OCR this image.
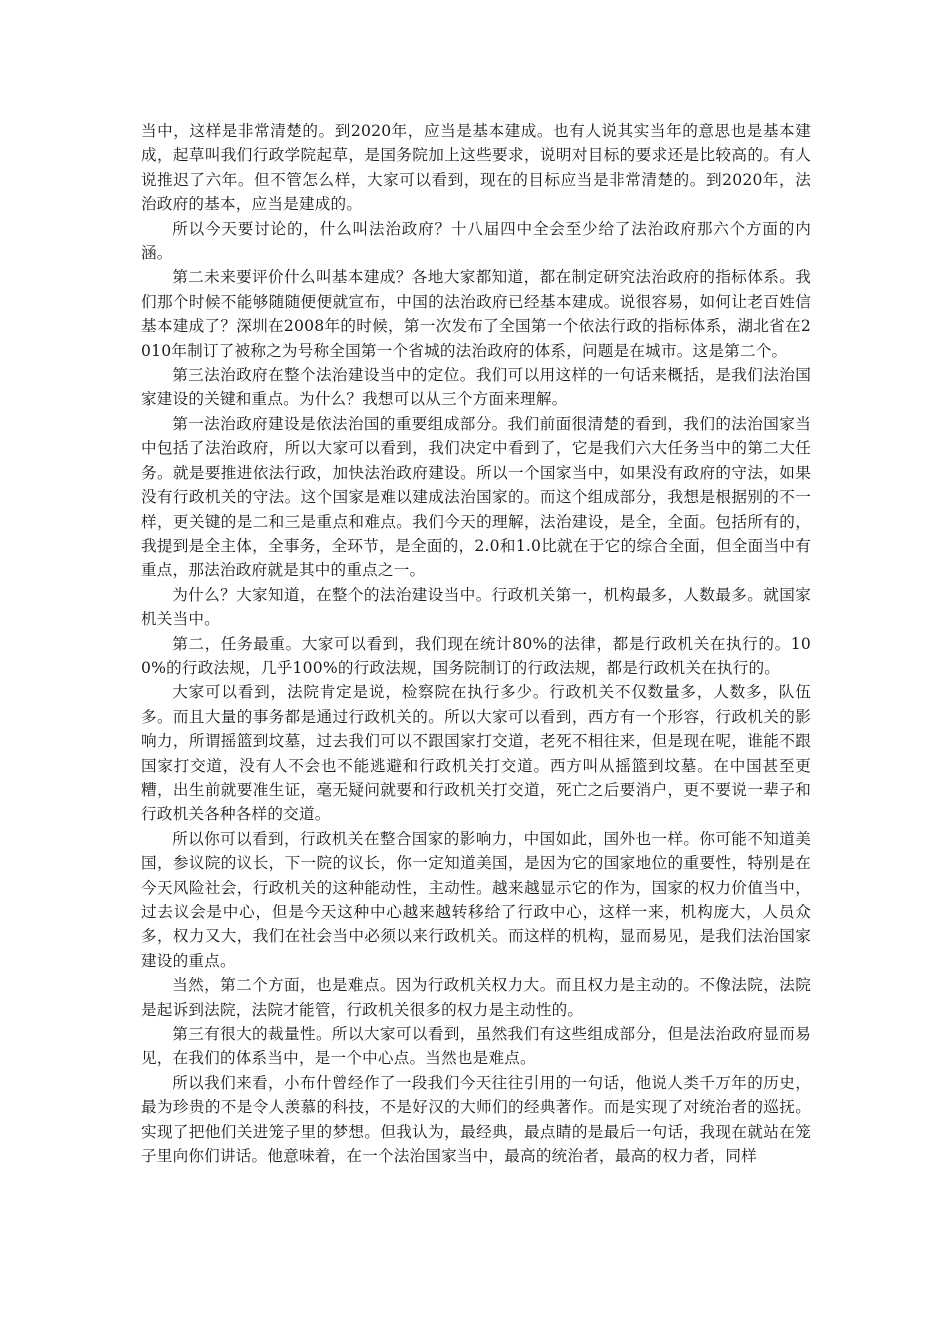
当中，这样是非常清楚的。到2020年，应当是基本建成。也有人说其实当年的意思也是基本建成，起草叫我们行政学院起草，是国务院加上这些要求，说明对目标的要求还是比较高的。有人说推迟了六年。但不管怎么样，大家可以看到，现在的目标应当是非常清楚的。到2020年，法治政府的基本，应当是建成的。

所以今天要讨论的，什么叫法治政府？十八届四中全会至少给了法治政府那六个方面的内涵。

第二未来要评价什么叫基本建成？各地大家都知道，都在制定研究法治政府的指标体系。我们那个时候不能够随随便便就宣布，中国的法治政府已经基本建成。说很容易，如何让老百姓信基本建成了？深圳在2008年的时候，第一次发布了全国第一个依法行政的指标体系，湖北省在2010年制订了被称之为号称全国第一个省城的法治政府的体系，问题是在城市。这是第二个。

第三法治政府在整个法治建设当中的定位。我们可以用这样的一句话来概括，是我们法治国家建设的关键和重点。为什么？我想可以从三个方面来理解。

第一法治政府建设是依法治国的重要组成部分。我们前面很清楚的看到，我们的法治国家当中包括了法治政府，所以大家可以看到，我们决定中看到了，它是我们六大任务当中的第二大任务。就是要推进依法行政，加快法治政府建设。所以一个国家当中，如果没有政府的守法，如果没有行政机关的守法。这个国家是难以建成法治国家的。而这个组成部分，我想是根据别的不一样，更关键的是二和三是重点和难点。我们今天的理解，法治建设，是全，全面。包括所有的，我提到是全主体，全事务，全环节，是全面的，2.0和1.0比就在于它的综合全面，但全面当中有重点，那法治政府就是其中的重点之一。

为什么？大家知道，在整个的法治建设当中。行政机关第一，机构最多，人数最多。就国家机关当中。

第二，任务最重。大家可以看到，我们现在统计80%的法律，都是行政机关在执行的。100%的行政法规，几乎100%的行政法规，国务院制订的行政法规，都是行政机关在执行的。

大家可以看到，法院肯定是说，检察院在执行多少。行政机关不仅数量多，人数多，队伍多。而且大量的事务都是通过行政机关的。所以大家可以看到，西方有一个形容，行政机关的影响力，所谓摇篮到坟墓，过去我们可以不跟国家打交道，老死不相往来，但是现在呢，谁能不跟国家打交道，没有人不会也不能逃避和行政机关打交道。西方叫从摇篮到坟墓。在中国甚至更糟，出生前就要准生证，毫无疑问就要和行政机关打交道，死亡之后要消户，更不要说一辈子和行政机关各种各样的交道。

所以你可以看到，行政机关在整合国家的影响力，中国如此，国外也一样。你可能不知道美国，参议院的议长，下一院的议长，你一定知道美国，是因为它的国家地位的重要性，特别是在今天风险社会，行政机关的这种能动性，主动性。越来越显示它的作为，国家的权力价值当中，过去议会是中心，但是今天这种中心越来越转移给了行政中心，这样一来，机构庞大，人员众多，权力又大，我们在社会当中必须以来行政机关。而这样的机构，显而易见，是我们法治国家建设的重点。

当然，第二个方面，也是难点。因为行政机关权力大。而且权力是主动的。不像法院，法院是起诉到法院，法院才能管，行政机关很多的权力是主动性的。

第三有很大的裁量性。所以大家可以看到，虽然我们有这些组成部分，但是法治政府显而易见，在我们的体系当中，是一个中心点。当然也是难点。

所以我们来看，小布什曾经作了一段我们今天往往引用的一句话，他说人类千万年的历史，最为珍贵的不是令人羡慕的科技，不是好汉的大师们的经典著作。而是实现了对统治者的巡抚。实现了把他们关进笼子里的梦想。但我认为，最经典，最点睛的是最后一句话，我现在就站在笼子里向你们讲话。他意味着，在一个法治国家当中，最高的统治者，最高的权力者，同样
